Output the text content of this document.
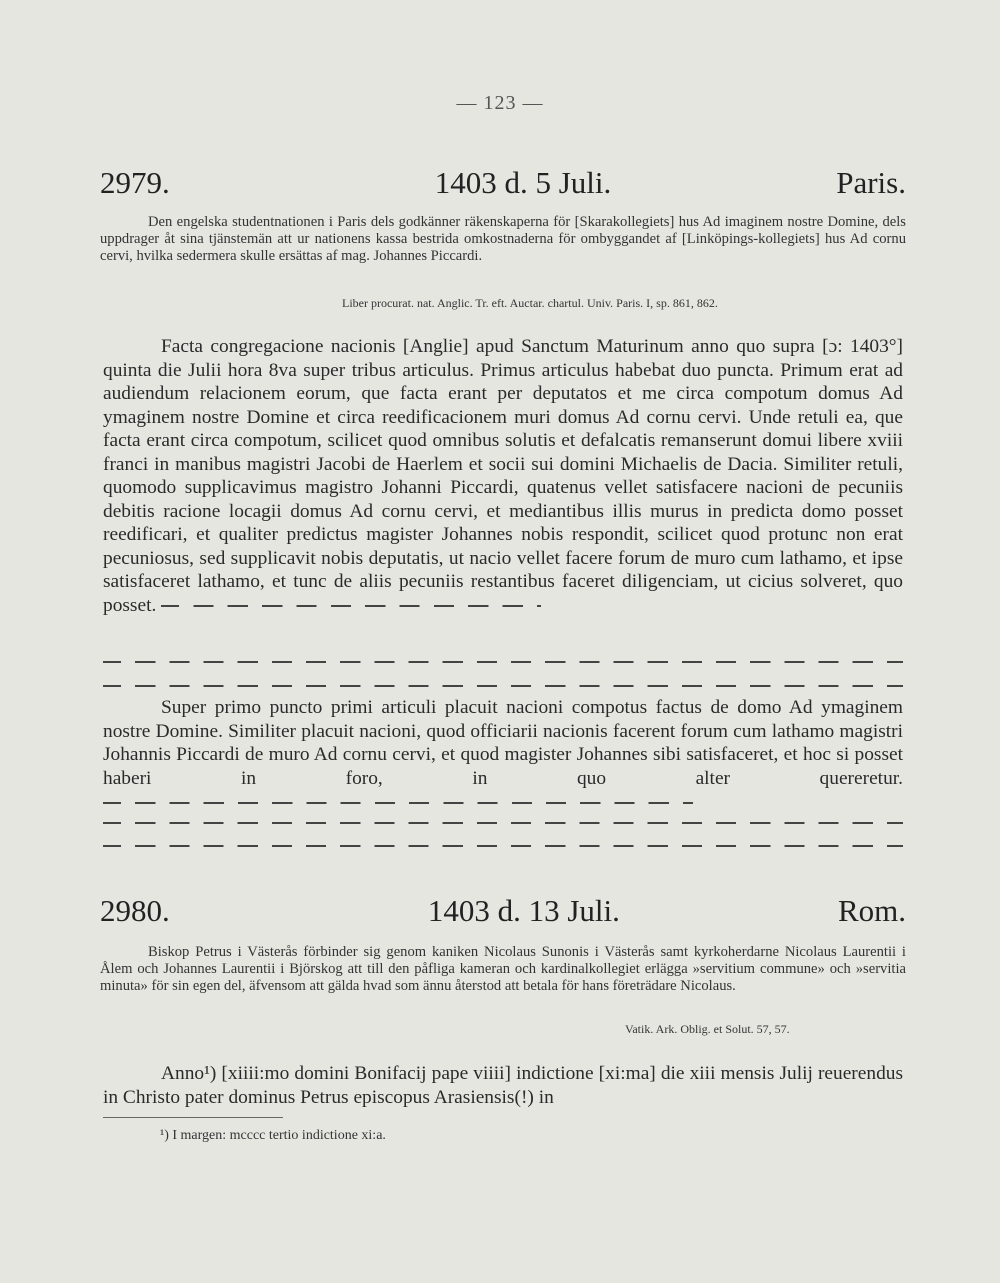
— 123 —
2979.	1403 d. 5 Juli.	Paris.

Den engelska studentnationen i Paris dels godkänner räkenskaperna för [Skarakollegiets] hus Ad imaginem nostre Domine, dels uppdrager åt sina tjänstemän att ur nationens kassa bestrida omkostnaderna för ombyggandet af [Linköpings-kollegiets] hus Ad cornu cervi, hvilka sedermera skulle ersättas af mag. Johannes Piccardi.

Liber procurat. nat. Anglic. Tr. eft. Auctar. chartul. Univ. Paris. I, sp. 861, 862.

Facta congregacione nacionis [Anglie] apud Sanctum Maturinum anno quo supra [ɔ: 1403°] quinta die Julii hora 8va super tribus articulus. Primus articulus habebat duo puncta. Primum erat ad audiendum relacionem eorum, que facta erant per deputatos et me circa compotum domus Ad ymaginem nostre Domine et circa reedificacionem muri domus Ad cornu cervi. Unde retuli ea, que facta erant circa compotum, scilicet quod omnibus solutis et defalcatis remanserunt domui libere xviii franci in manibus magistri Jacobi de Haerlem et socii sui domini Michaelis de Dacia. Similiter retuli, quomodo supplicavimus magistro Johanni Piccardi, quatenus vellet satisfacere nacioni de pecuniis debitis racione locagii domus Ad cornu cervi, et mediantibus illis murus in predicta domo posset reedificari, et qualiter predictus magister Johannes nobis respondit, scilicet quod protunc non erat pecuniosus, sed supplicavit nobis deputatis, ut nacio vellet facere forum de muro cum lathamo, et ipse satisfaceret lathamo, et tunc de aliis pecuniis restantibus faceret diligenciam, ut cicius solveret, quo posset.

Super primo puncto primi articuli placuit nacioni compotus factus de domo Ad ymaginem nostre Domine. Similiter placuit nacioni, quod officiarii nacionis facerent forum cum lathamo magistri Johannis Piccardi de muro Ad cornu cervi, et quod magister Johannes sibi satisfaceret, et hoc si posset haberi in foro, in quo alter quereretur.

2980.	1403 d. 13 Juli.	Rom.

Biskop Petrus i Västerås förbinder sig genom kaniken Nicolaus Sunonis i Västerås samt kyrkoherdarne Nicolaus Laurentii i Ålem och Johannes Laurentii i Björskog att till den påfliga kameran och kardinalkollegiet erlägga »servitium commune» och »servitia minuta» för sin egen del, äfvensom att gälda hvad som ännu återstod att betala för hans företrädare Nicolaus.

Vatik. Ark. Oblig. et Solut. 57, 57.

Anno¹) [xiiii:mo domini Bonifacij pape viiii] indictione [xi:ma] die xiii mensis Julij reuerendus in Christo pater dominus Petrus episcopus Arasiensis(!) in

¹) I margen: mcccc tertio indictione xi:a.
